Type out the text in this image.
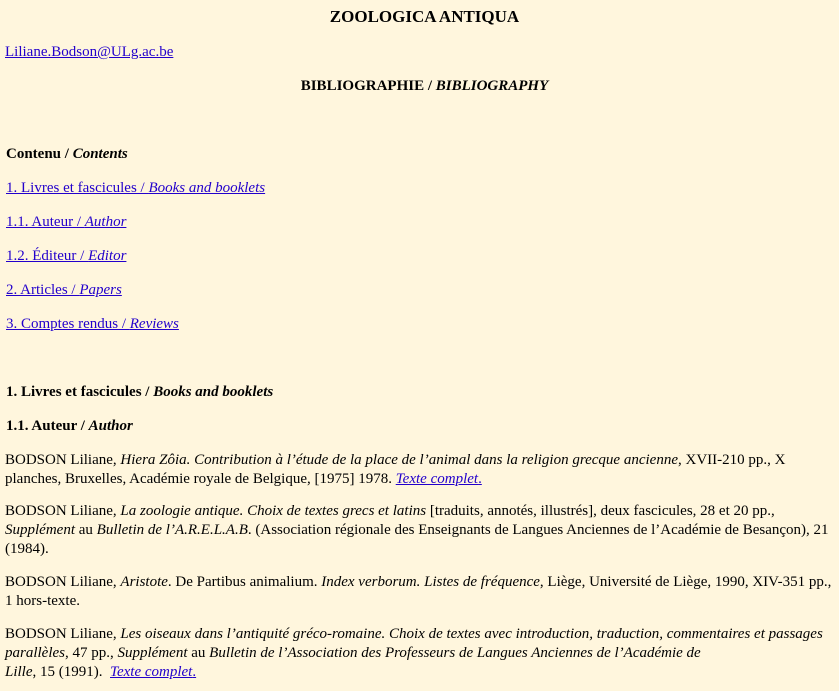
ZOOLOGICA ANTIQUA
Liliane.Bodson@ULg.ac.be
BIBLIOGRAPHIE / BIBLIOGRAPHY
Contenu / Contents
1. Livres et fascicules / Books and booklets
1.1. Auteur / Author
1.2. Éditeur / Editor
2. Articles / Papers
3. Comptes rendus / Reviews
1. Livres et fascicules / Books and booklets
1.1. Auteur / Author
BODSON Liliane, Hiera Zôia. Contribution à l’étude de la place de l’animal dans la religion grecque ancienne, XVII-210 pp., X planches, Bruxelles, Académie royale de Belgique, [1975] 1978. Texte complet.
BODSON Liliane, La zoologie antique. Choix de textes grecs et latins [traduits, annotés, illustrés], deux fascicules, 28 et 20 pp., Supplément au Bulletin de l’A.R.E.L.A.B. (Association régionale des Enseignants de Langues Anciennes de l’Académie de Besançon), 21 (1984).
BODSON Liliane, Aristote. De Partibus animalium. Index verborum. Listes de fréquence, Liège, Université de Liège, 1990, XIV-351 pp., 1 hors-texte.
BODSON Liliane, Les oiseaux dans l’antiquité gréco-romaine. Choix de textes avec introduction, traduction, commentaires et passages parallèles, 47 pp., Supplément au Bulletin de l’Association des Professeurs de Langues Anciennes de l’Académie de Lille, 15 (1991).  Texte complet.
